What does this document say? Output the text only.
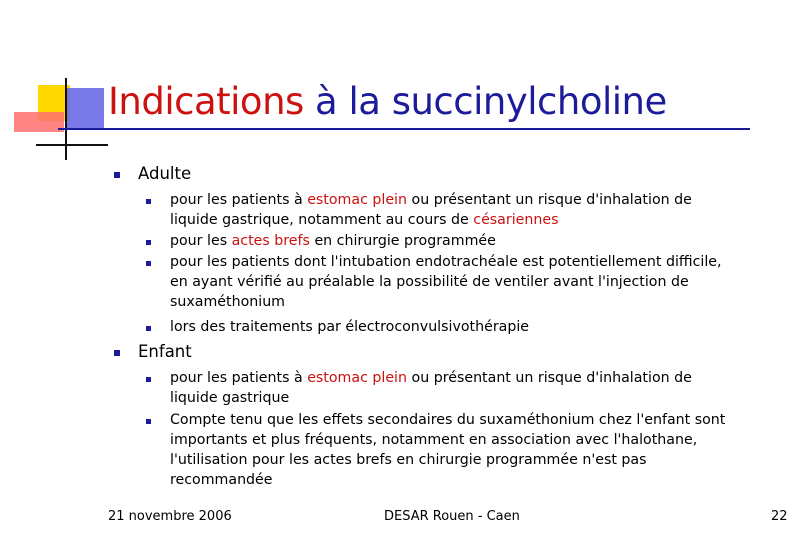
Indications à la succinylcholine
Adulte
pour les patients à estomac plein ou présentant un risque d'inhalation de
liquide gastrique, notamment au cours de césariennes
pour les actes brefs en chirurgie programmée
pour les patients dont l'intubation endotrachéale est potentiellement difficile,
en ayant vérifié au préalable la possibilité de ventiler avant l'injection de
suxaméthonium
lors des traitements par électroconvulsivothérapie
Enfant
pour les patients à estomac plein ou présentant un risque d'inhalation de
liquide gastrique
Compte tenu que les effets secondaires du suxaméthonium chez l'enfant sont
importants et plus fréquents, notamment en association avec l'halothane,
l'utilisation pour les actes brefs en chirurgie programmée n'est pas
recommandée
21 novembre 2006	DESAR Rouen - Caen	22
